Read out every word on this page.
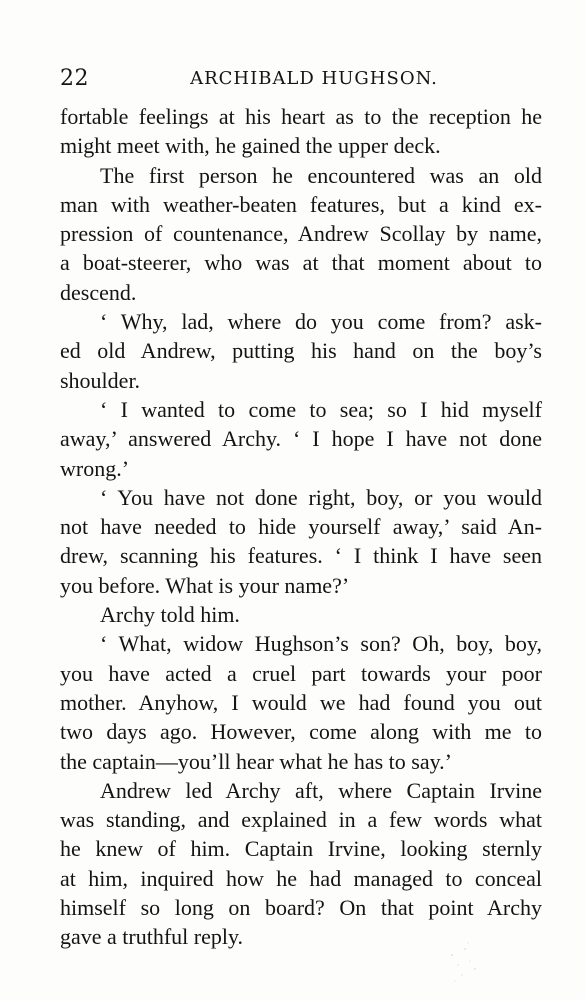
22	ARCHIBALD HUGHSON.

fortable feelings at his heart as to the reception he
might meet with, he gained the upper deck.

The first person he encountered was an old
man with weather-beaten features, but a kind ex-
pression of countenance, Andrew Scollay by name,
a boat-steerer, who was at that moment about to
descend.

‘ Why, lad, where do you come from? ask-
ed old Andrew, putting his hand on the boy’s
shoulder.

‘ I wanted to come to sea; so I hid myself
away,’ answered Archy. ‘ I hope I have not done
wrong.’

‘ You have not done right, boy, or you would
not have needed to hide yourself away,’ said An-
drew, scanning his features. ‘ I think I have seen
you before. What is your name?’

Archy told him.

‘ What, widow Hughson’s son? Oh, boy, boy,
you have acted a cruel part towards your poor
mother. Anyhow, I would we had found you out
two days ago. However, come along with me to
the captain—you’ll hear what he has to say.’

Andrew led Archy aft, where Captain Irvine
was standing, and explained in a few words what
he knew of him. Captain Irvine, looking sternly
at him, inquired how he had managed to conceal
himself so long on board? On that point Archy
gave a truthful reply.
